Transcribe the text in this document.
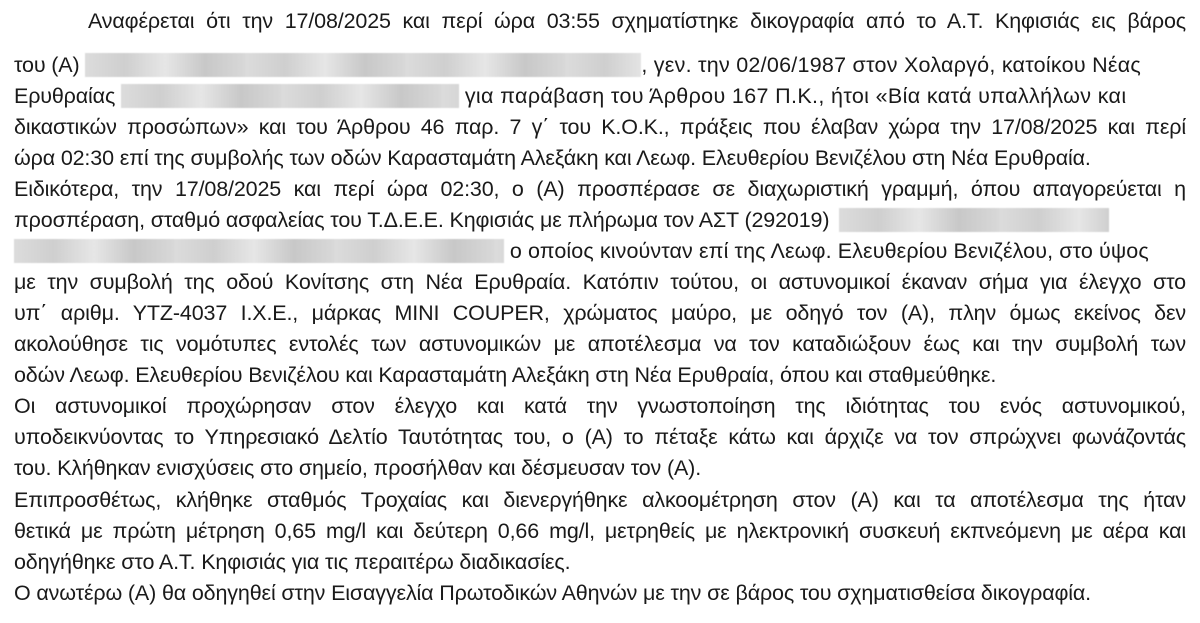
Αναφέρεται ότι την 17/08/2025 και περί ώρα 03:55 σχηματίστηκε δικογραφία από το Α.Τ. Κηφισιάς εις βάρος
του (Α)	, γεν. την 02/06/1987 στον Χολαργό, κατοίκου Νέας
Ερυθραίας	για παράβαση του Άρθρου 167 Π.Κ., ήτοι «Βία κατά υπαλλήλων και
δικαστικών προσώπων» και του Άρθρου 46 παρ. 7 γ΄ του Κ.Ο.Κ., πράξεις που έλαβαν χώρα την 17/08/2025 και περί
ώρα 02:30 επί της συμβολής των οδών Καρασταμάτη Αλεξάκη και Λεωφ. Ελευθερίου Βενιζέλου στη Νέα Ερυθραία.
Ειδικότερα, την 17/08/2025 και περί ώρα 02:30, ο (Α) προσπέρασε σε διαχωριστική γραμμή, όπου απαγορεύεται η
προσπέραση, σταθμό ασφαλείας του Τ.Δ.Ε.Ε. Κηφισιάς με πλήρωμα τον ΑΣΤ (292019)
ο οποίος κινούνταν επί της Λεωφ. Ελευθερίου Βενιζέλου, στο ύψος
με την συμβολή της οδού Κονίτσης στη Νέα Ερυθραία. Κατόπιν τούτου, οι αστυνομικοί έκαναν σήμα για έλεγχο στο
υπ΄ αριθμ. ΥΤΖ-4037 Ι.Χ.Ε., μάρκας MINI COUPER, χρώματος μαύρο, με οδηγό τον (Α), πλην όμως εκείνος δεν
ακολούθησε τις νομότυπες εντολές των αστυνομικών με αποτέλεσμα να τον καταδιώξουν έως και την συμβολή των
οδών Λεωφ. Ελευθερίου Βενιζέλου και Καρασταμάτη Αλεξάκη στη Νέα Ερυθραία, όπου και σταθμεύθηκε.
Οι αστυνομικοί προχώρησαν στον έλεγχο και κατά την γνωστοποίηση της ιδιότητας του ενός αστυνομικού,
υποδεικνύοντας το Υπηρεσιακό Δελτίο Ταυτότητας του, ο (Α) το πέταξε κάτω και άρχιζε να τον σπρώχνει φωνάζοντάς
του. Κλήθηκαν ενισχύσεις στο σημείο, προσήλθαν και δέσμευσαν τον (Α).
Επιπροσθέτως, κλήθηκε σταθμός Τροχαίας και διενεργήθηκε αλκοομέτρηση στον (Α) και τα αποτέλεσμα της ήταν
θετικά με πρώτη μέτρηση 0,65 mg/l και δεύτερη 0,66 mg/l, μετρηθείς με ηλεκτρονική συσκευή εκπνεόμενη με αέρα και
οδηγήθηκε στο Α.Τ. Κηφισιάς για τις περαιτέρω διαδικασίες.
Ο ανωτέρω (Α) θα οδηγηθεί στην Εισαγγελία Πρωτοδικών Αθηνών με την σε βάρος του σχηματισθείσα δικογραφία.
